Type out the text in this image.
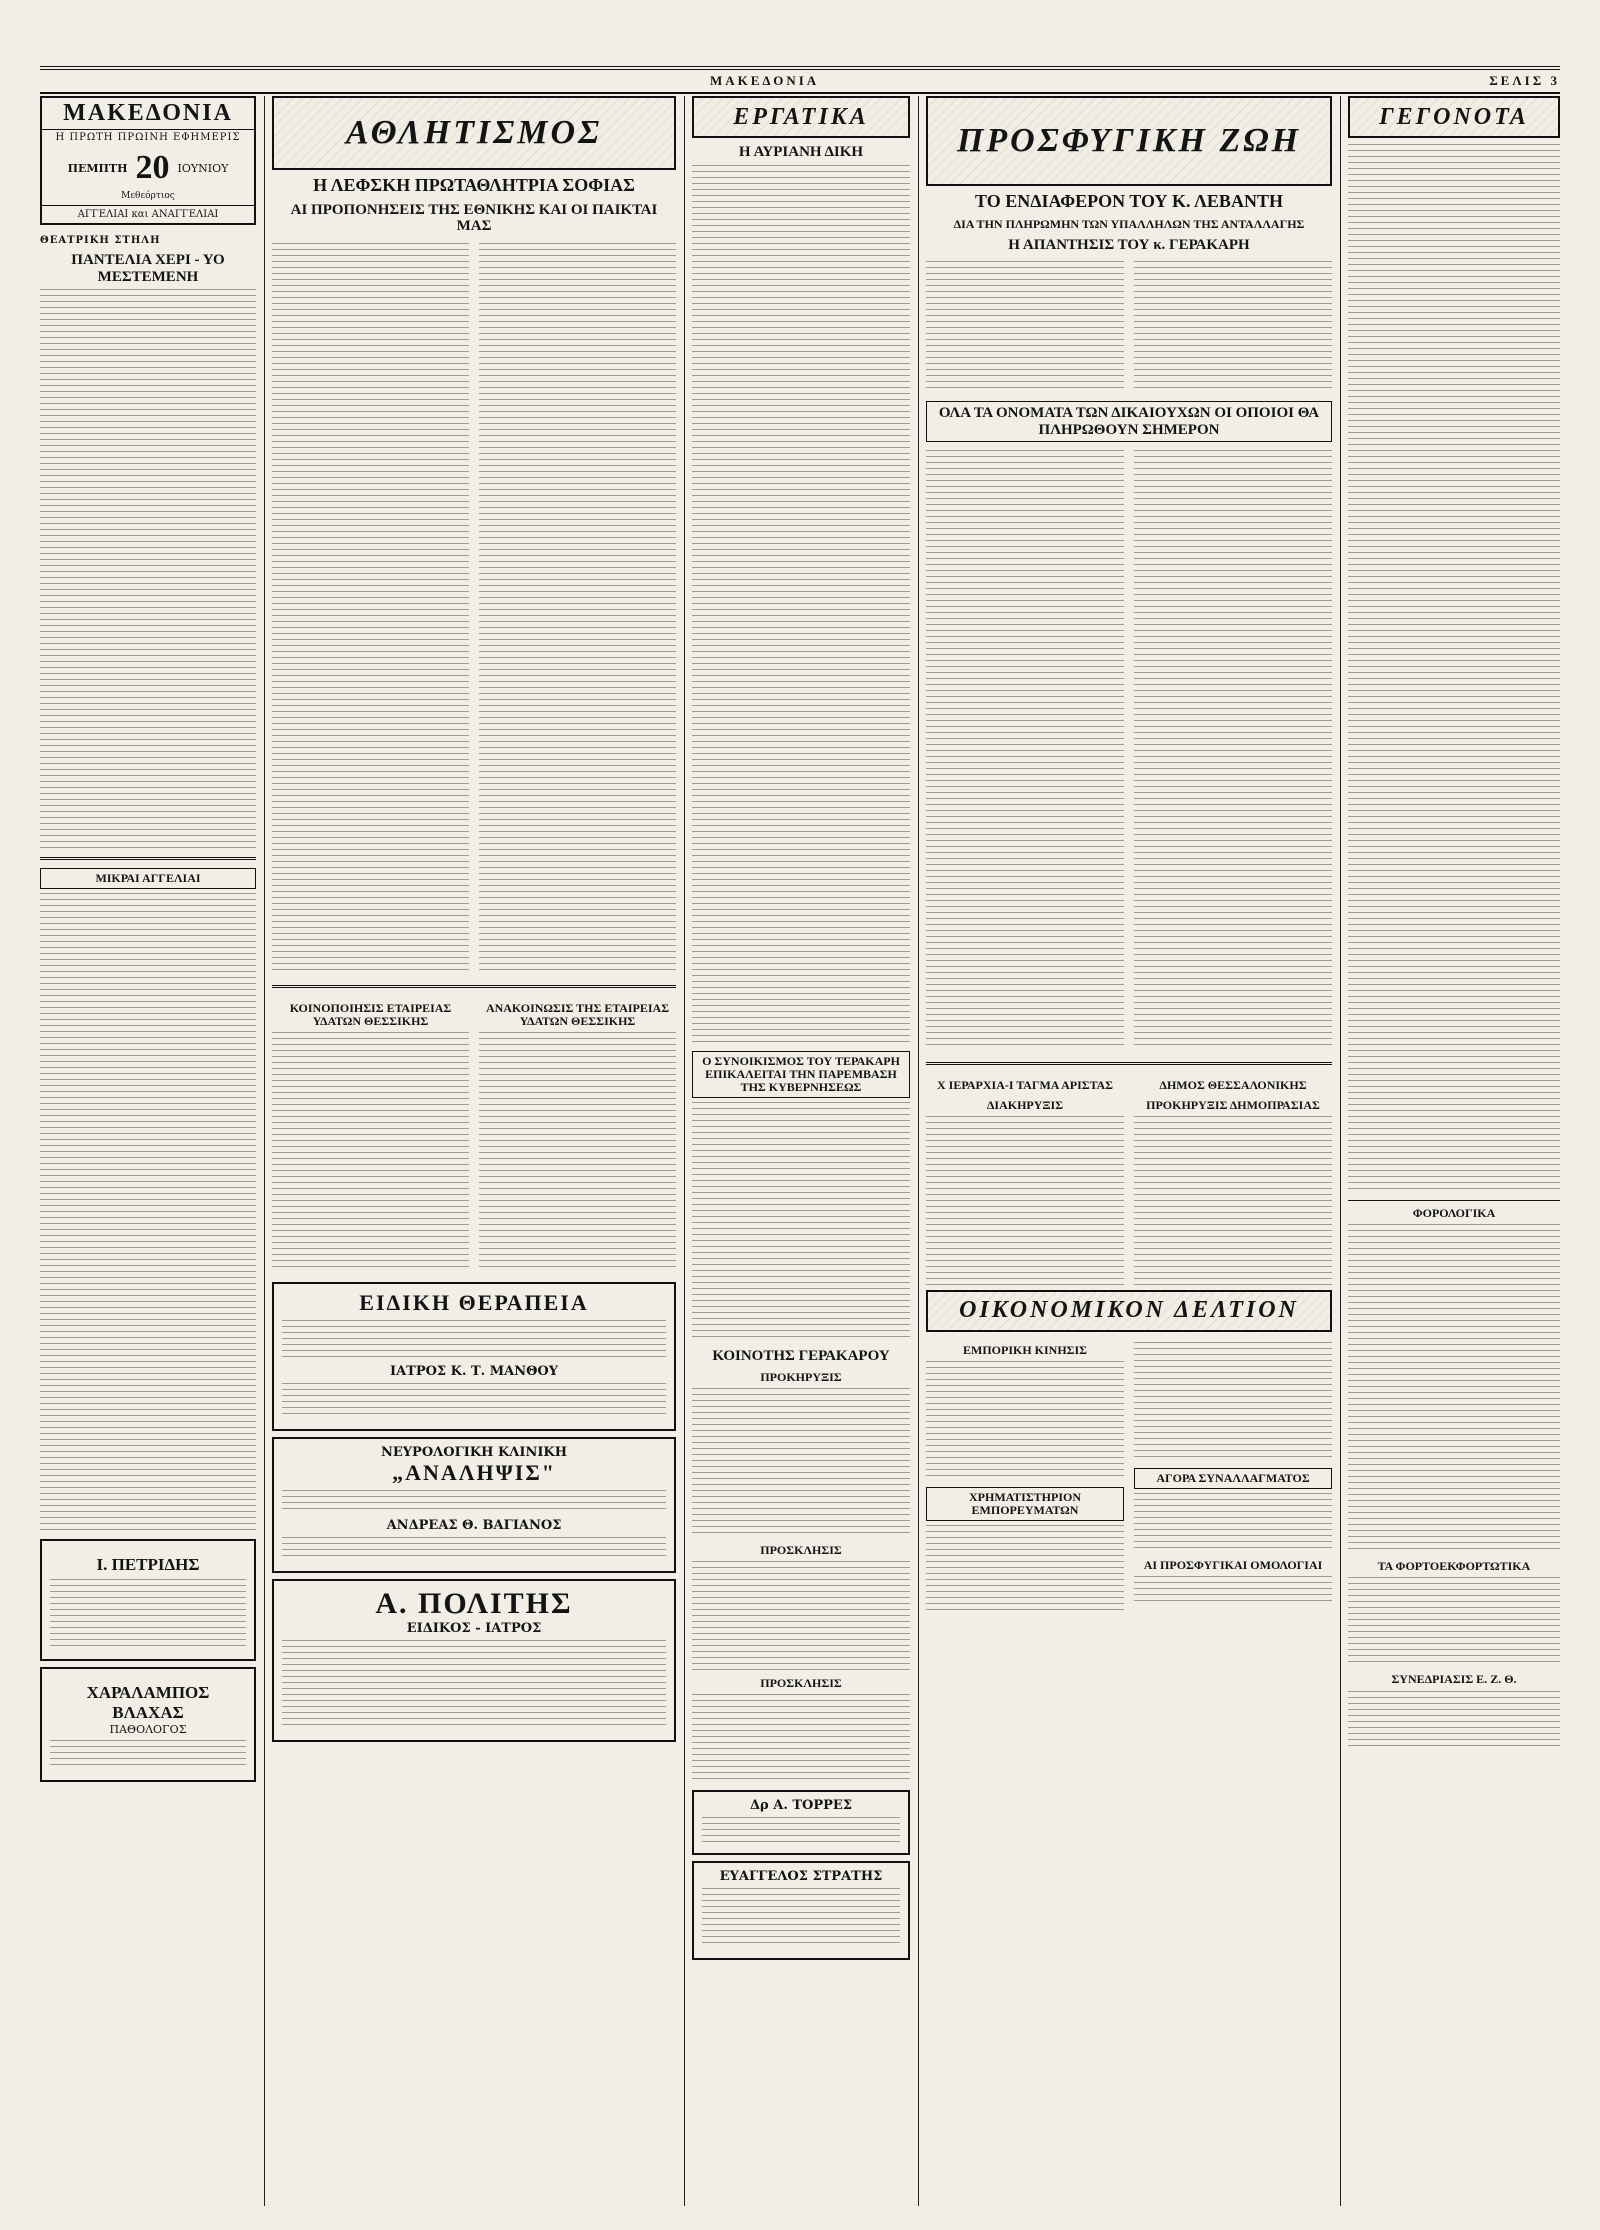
ΜΑΚΕΔΟΝΙΑ	ΣΕΛΙΣ 3
ΜΑΚΕΔΟΝΙΑ
Η ΠΡΩΤΗ ΠΡΩΙΝΗ ΕΦΗΜΕΡΙΣ
ΠΕΜΠΤΗ 20 ΙΟΥΝΙΟΥ
Μεθεόρτιος
ΑΓΓΕΛΙΑΙ και ΑΝΑΓΓΕΛΙΑΙ
ΘΕΑΤΡΙΚΗ ΣΤΗΛΗ
ΠΑΝΤΕΛΙΑ ΧΕΡΙ - ΥΟ ΜΕΣΤΕΜΕΝΗ
ΜΙΚΡΑΙ ΑΓΓΕΛΙΑΙ
Ι. ΠΕΤΡΙΔΗΣ
ΧΑΡΑΛΑΜΠΟΣ ΒΛΑΧΑΣ
ΠΑΘΟΛΟΓΟΣ
ΑΘΛΗΤΙΣΜΟΣ
Η ΛΕΦΣΚΗ ΠΡΩΤΑΘΛΗΤΡΙΑ ΣΟΦΙΑΣ
ΑΙ ΠΡΟΠΟΝΗΣΕΙΣ ΤΗΣ ΕΘΝΙΚΗΣ ΚΑΙ ΟΙ ΠΑΙΚΤΑΙ ΜΑΣ
ΚΟΙΝΟΠΟΙΗΣΙΣ ΕΤΑΙΡΕΙΑΣ ΥΔΑΤΩΝ ΘΕΣΣΙΚΗΣ
ΑΝΑΚΟΙΝΩΣΙΣ ΤΗΣ ΕΤΑΙΡΕΙΑΣ ΥΔΑΤΩΝ ΘΕΣΣΙΚΗΣ
ΕΙΔΙΚΗ ΘΕΡΑΠΕΙΑ
ΙΑΤΡΟΣ Κ. Τ. ΜΑΝΘΟΥ
ΝΕΥΡΟΛΟΓΙΚΗ ΚΛΙΝΙΚΗ
„ΑΝΑΛΗΨΙΣ"
ΑΝΔΡΕΑΣ Θ. ΒΑΓΙΑΝΟΣ
Α. ΠΟΛΙΤΗΣ
ΕΙΔΙΚΟΣ - ΙΑΤΡΟΣ
ΕΡΓΑΤΙΚΑ
Η ΑΥΡΙΑΝΗ ΔΙΚΗ
Ο ΣΥΝΟΙΚΙΣΜΟΣ ΤΟΥ ΤΕΡΑΚΑΡΗ ΕΠΙΚΑΛΕΙΤΑΙ ΤΗΝ ΠΑΡΕΜΒΑΣΗ ΤΗΣ ΚΥΒΕΡΝΗΣΕΩΣ
ΚΟΙΝΟΤΗΣ ΓΕΡΑΚΑΡΟΥ
ΠΡΟΚΗΡΥΞΙΣ
ΠΡΟΣΚΛΗΣΙΣ
ΠΡΟΣΚΛΗΣΙΣ
Δρ Α. ΤΟΡΡΕΣ
ΕΥΑΓΓΕΛΟΣ ΣΤΡΑΤΗΣ
ΠΡΟΣΦΥΓΙΚΗ ΖΩΗ
ΤΟ ΕΝΔΙΑΦΕΡΟΝ ΤΟΥ Κ. ΛΕΒΑΝΤΗ
ΔΙΑ ΤΗΝ ΠΛΗΡΩΜΗΝ ΤΩΝ ΥΠΑΛΛΗΛΩΝ ΤΗΣ ΑΝΤΑΛΛΑΓΗΣ
Η ΑΠΑΝΤΗΣΙΣ ΤΟΥ κ. ΓΕΡΑΚΑΡΗ
ΟΛΑ ΤΑ ΟΝΟΜΑΤΑ ΤΩΝ ΔΙΚΑΙΟΥΧΩΝ ΟΙ ΟΠΟΙΟΙ ΘΑ ΠΛΗΡΩΘΟΥΝ ΣΗΜΕΡΟΝ
Χ ΙΕΡΑΡΧΙΑ-Ι ΤΑΓΜΑ ΑΡΙΣΤΑΣ
ΔΙΑΚΗΡΥΞΙΣ
ΔΗΜΟΣ ΘΕΣΣΑΛΟΝΙΚΗΣ
ΠΡΟΚΗΡΥΞΙΣ ΔΗΜΟΠΡΑΣΙΑΣ
ΟΙΚΟΝΟΜΙΚΟΝ ΔΕΛΤΙΟΝ
ΕΜΠΟΡΙΚΗ ΚΙΝΗΣΙΣ
ΧΡΗΜΑΤΙΣΤΗΡΙΟΝ ΕΜΠΟΡΕΥΜΑΤΩΝ
ΑΓΟΡΑ ΣΥΝΑΛΛΑΓΜΑΤΟΣ
ΑΙ ΠΡΟΣΦΥΓΙΚΑΙ ΟΜΟΛΟΓΙΑΙ
ΓΕΓΟΝΟΤΑ
ΦΟΡΟΛΟΓΙΚΑ
ΤΑ ΦΟΡΤΟΕΚΦΟΡΤΩΤΙΚΑ
ΣΥΝΕΔΡΙΑΣΙΣ Ε. Ζ. Θ.
